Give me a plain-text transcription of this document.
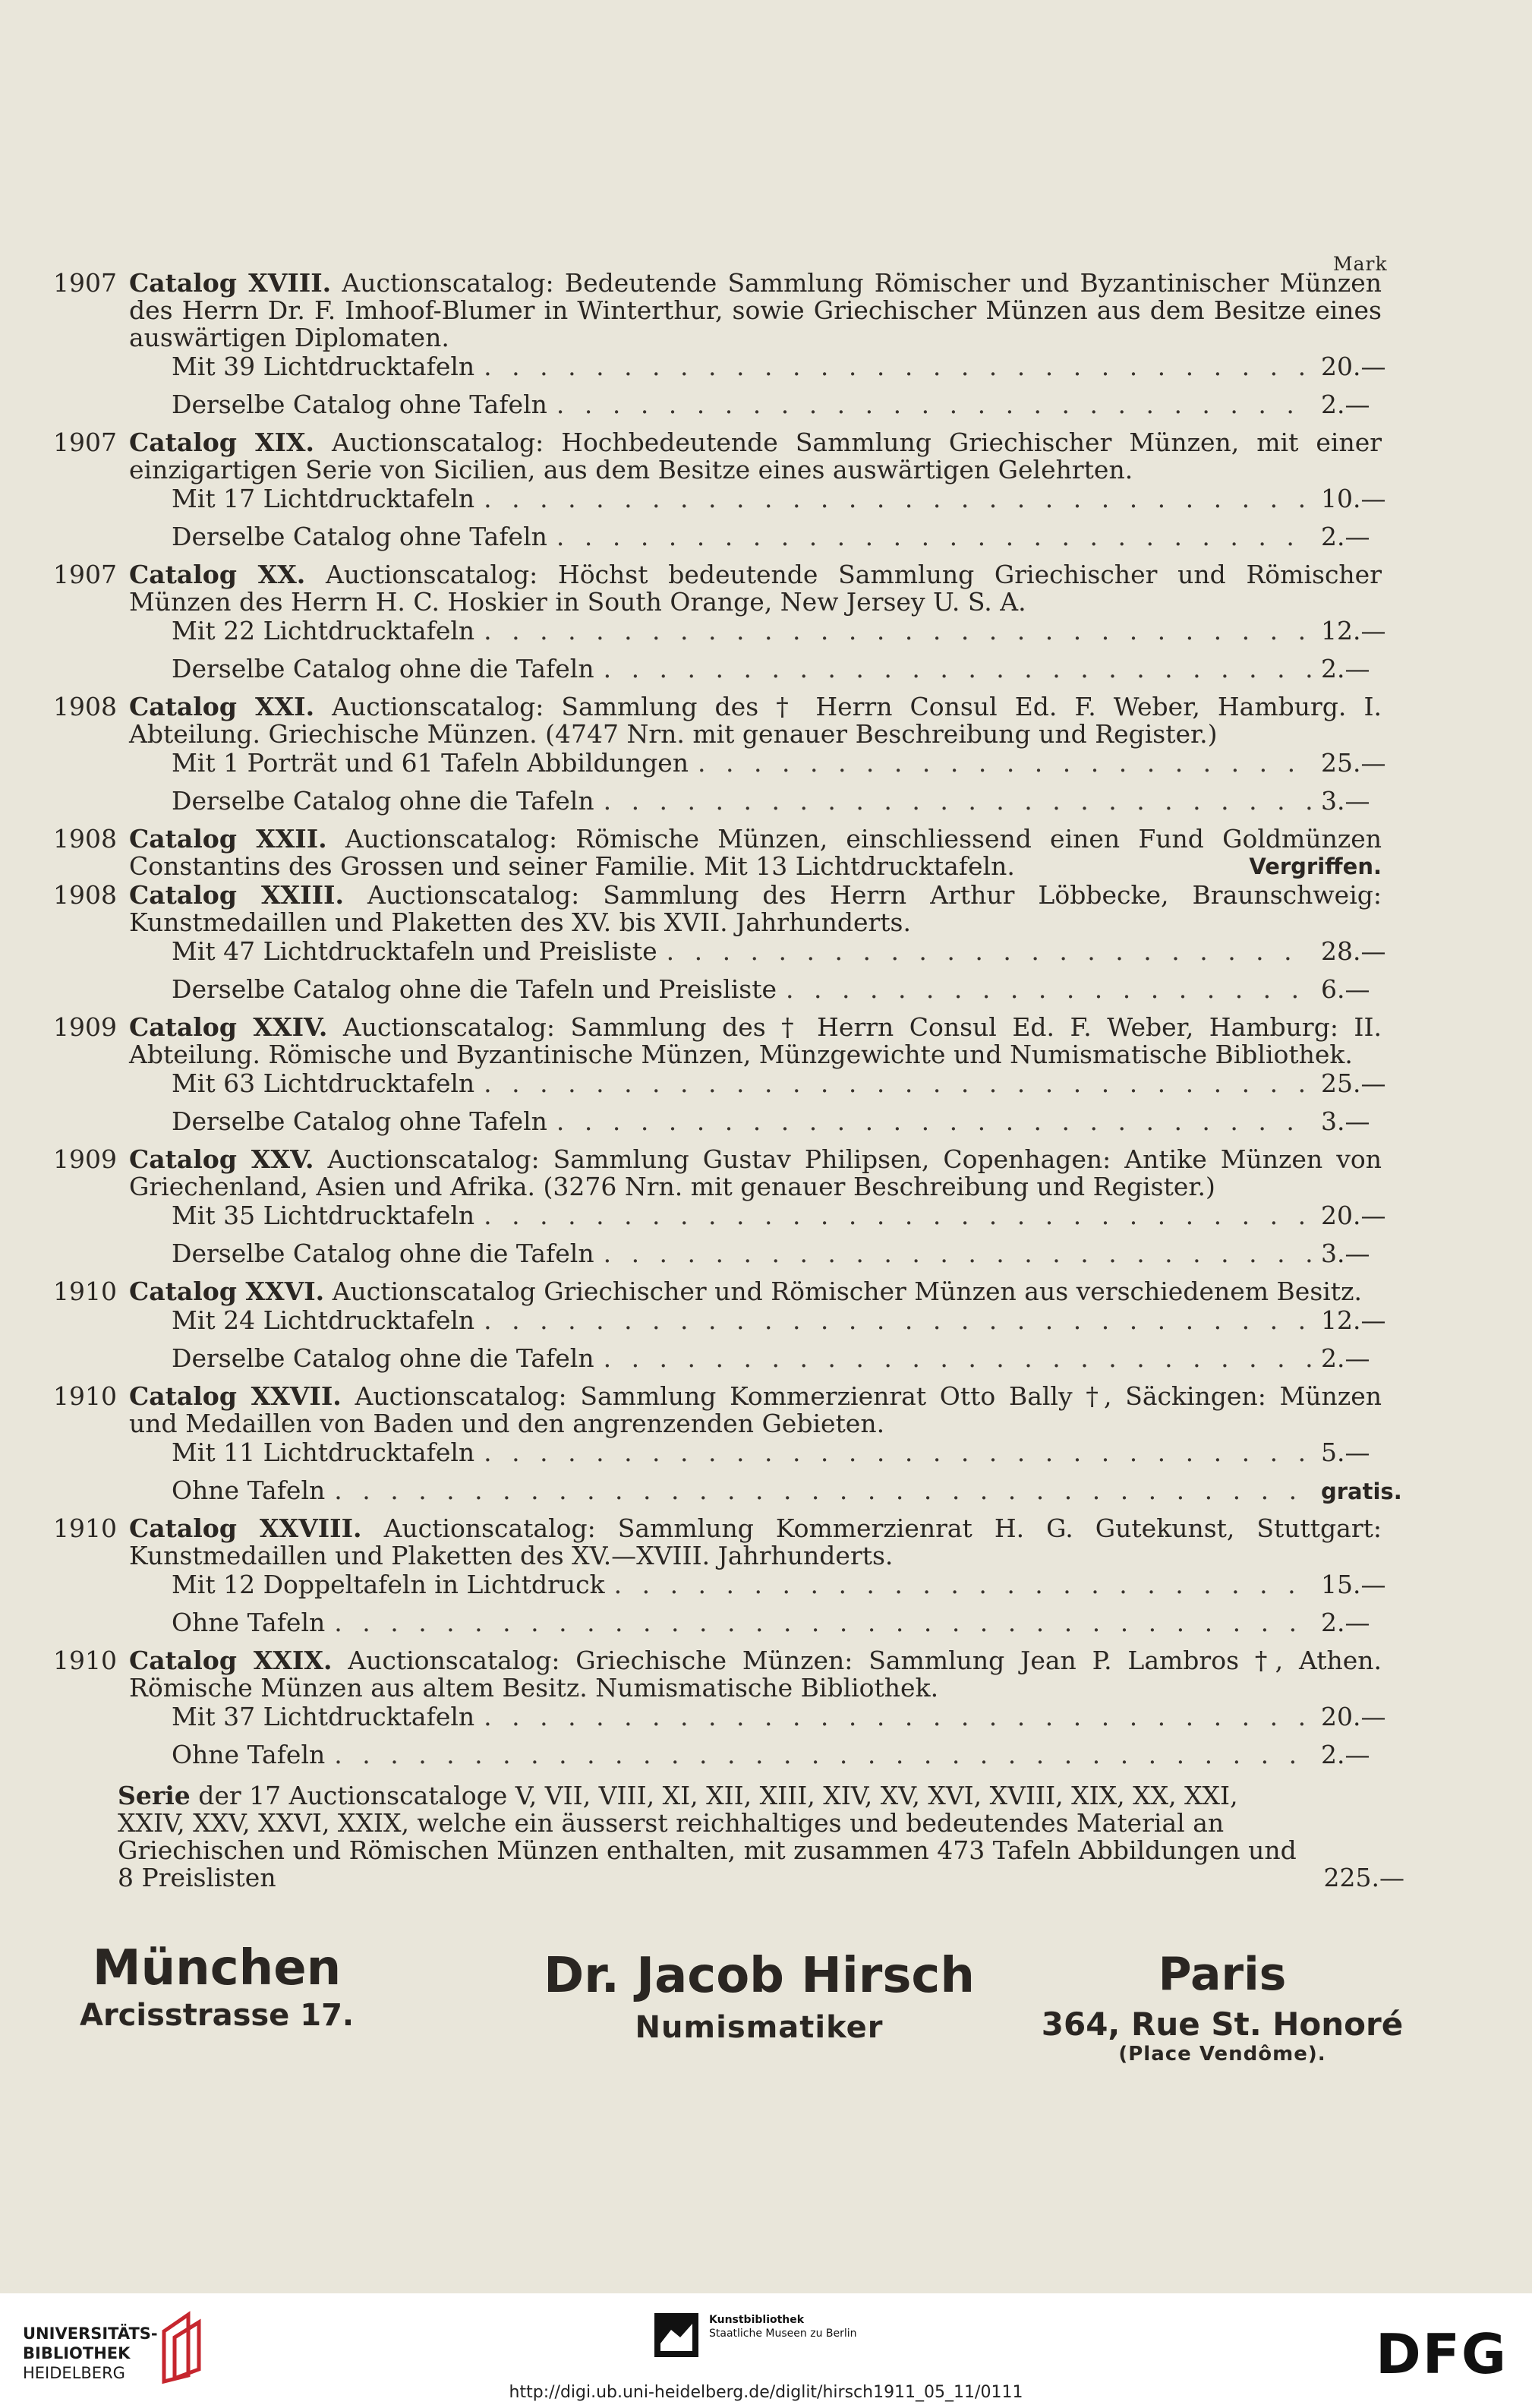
Mark
1907 Catalog XVIII. Auctionscatalog: Bedeutende Sammlung Römischer und Byzantinischer Münzen des Herrn Dr. F. Imhoof-Blumer in Winterthur, sowie Griechischer Münzen aus dem Besitze eines auswärtigen Diplomaten.
Mit 39 Lichtdrucktafeln . . .	20.—
Derselbe Catalog ohne Tafeln . . .	2.—
1907 Catalog XIX. Auctionscatalog: Hochbedeutende Sammlung Griechischer Münzen, mit einer einzigartigen Serie von Sicilien, aus dem Besitze eines auswärtigen Gelehrten.
Mit 17 Lichtdrucktafeln . . .	10.—
Derselbe Catalog ohne Tafeln . . .	2.—
1907 Catalog XX. Auctionscatalog: Höchst bedeutende Sammlung Griechischer und Römischer Münzen des Herrn H. C. Hoskier in South Orange, New Jersey U. S. A.
Mit 22 Lichtdrucktafeln . . .	12.—
Derselbe Catalog ohne die Tafeln . . .	2.—
1908 Catalog XXI. Auctionscatalog: Sammlung des † Herrn Consul Ed. F. Weber, Hamburg. I. Abteilung. Griechische Münzen. (4747 Nrn. mit genauer Beschreibung und Register.)
Mit 1 Porträt und 61 Tafeln Abbildungen . . .	25.—
Derselbe Catalog ohne die Tafeln . . .	3.—
1908 Catalog XXII. Auctionscatalog: Römische Münzen, einschliessend einen Fund Goldmünzen Constantins des Grossen und seiner Familie. Mit 13 Lichtdrucktafeln.	Vergriffen.
1908 Catalog XXIII. Auctionscatalog: Sammlung des Herrn Arthur Löbbecke, Braunschweig: Kunstmedaillen und Plaketten des XV. bis XVII. Jahrhunderts.
Mit 47 Lichtdrucktafeln und Preisliste . . .	28.—
Derselbe Catalog ohne die Tafeln und Preisliste . . .	6.—
1909 Catalog XXIV. Auctionscatalog: Sammlung des † Herrn Consul Ed. F. Weber, Hamburg: II. Abteilung. Römische und Byzantinische Münzen, Münzgewichte und Numismatische Bibliothek.
Mit 63 Lichtdrucktafeln . . .	25.—
Derselbe Catalog ohne Tafeln . . .	3.—
1909 Catalog XXV. Auctionscatalog: Sammlung Gustav Philipsen, Copenhagen: Antike Münzen von Griechenland, Asien und Afrika. (3276 Nrn. mit genauer Beschreibung und Register.)
Mit 35 Lichtdrucktafeln . . .	20.—
Derselbe Catalog ohne die Tafeln . . .	3.—
1910 Catalog XXVI. Auctionscatalog Griechischer und Römischer Münzen aus verschiedenem Besitz.
Mit 24 Lichtdrucktafeln . . .	12.—
Derselbe Catalog ohne die Tafeln . . .	2.—
1910 Catalog XXVII. Auctionscatalog: Sammlung Kommerzienrat Otto Bally †, Säckingen: Münzen und Medaillen von Baden und den angrenzenden Gebieten.
Mit 11 Lichtdrucktafeln . . .	5.—
Ohne Tafeln . . .	gratis.
1910 Catalog XXVIII. Auctionscatalog: Sammlung Kommerzienrat H. G. Gutekunst, Stuttgart: Kunstmedaillen und Plaketten des XV.—XVIII. Jahrhunderts.
Mit 12 Doppeltafeln in Lichtdruck . . .	15.—
Ohne Tafeln . . .	2.—
1910 Catalog XXIX. Auctionscatalog: Griechische Münzen: Sammlung Jean P. Lambros †, Athen. Römische Münzen aus altem Besitz. Numismatische Bibliothek.
Mit 37 Lichtdrucktafeln . . .	20.—
Ohne Tafeln . . .	2.—
Serie der 17 Auctionscataloge V, VII, VIII, XI, XII, XIII, XIV, XV, XVI, XVIII, XIX, XX, XXI, XXIV, XXV, XXVI, XXIX, welche ein äusserst reichhaltiges und bedeutendes Material an Griechischen und Römischen Münzen enthalten, mit zusammen 473 Tafeln Abbildungen und 8 Preislisten	225.—
München
Arcisstrasse 17.
Dr. Jacob Hirsch
Numismatiker
Paris
364, Rue St. Honoré
(Place Vendôme).
UNIVERSITÄTS-
BIBLIOTHEK
HEIDELBERG
Kunstbibliothek
Staatliche Museen zu Berlin	DFG
http://digi.ub.uni-heidelberg.de/diglit/hirsch1911_05_11/0111
